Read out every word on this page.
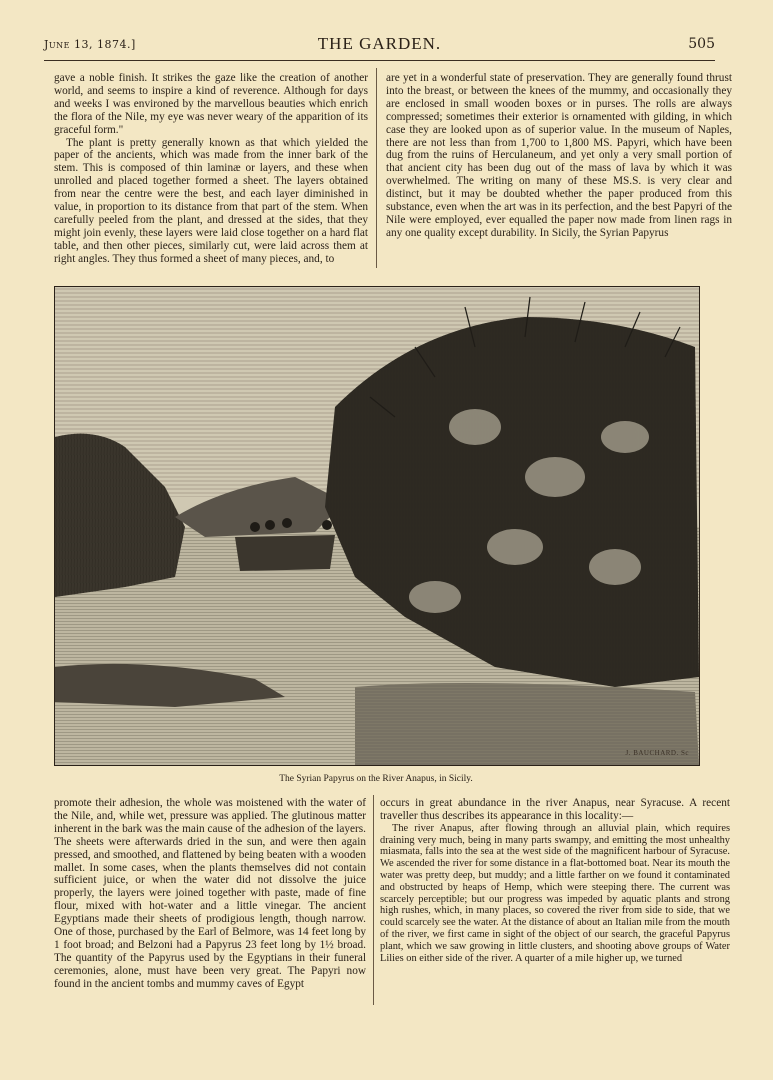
June 13, 1874.]	THE GARDEN.	505

gave a noble finish. It strikes the gaze like the creation of another world, and seems to inspire a kind of reverence. Although for days and weeks I was environed by the marvellous beauties which enrich the flora of the Nile, my eye was never weary of the apparition of its graceful form."

The plant is pretty generally known as that which yielded the paper of the ancients, which was made from the inner bark of the stem. This is composed of thin laminæ or layers, and these when unrolled and placed together formed a sheet. The layers obtained from near the centre were the best, and each layer diminished in value, in proportion to its distance from that part of the stem. When carefully peeled from the plant, and dressed at the sides, that they might join evenly, these layers were laid close together on a hard flat table, and then other pieces, similarly cut, were laid across them at right angles. They thus formed a sheet of many pieces, and, to

are yet in a wonderful state of preservation. They are generally found thrust into the breast, or between the knees of the mummy, and occasionally they are enclosed in small wooden boxes or in purses. The rolls are always compressed; sometimes their exterior is ornamented with gilding, in which case they are looked upon as of superior value. In the museum of Naples, there are not less than from 1,700 to 1,800 MS. Papyri, which have been dug from the ruins of Herculaneum, and yet only a very small portion of that ancient city has been dug out of the mass of lava by which it was overwhelmed. The writing on many of these MS.S. is very clear and distinct, but it may be doubted whether the paper produced from this substance, even when the art was in its perfection, and the best Papyri of the Nile were employed, ever equalled the paper now made from linen rags in any one quality except durability. In Sicily, the Syrian Papyrus

J. BAUCHARD. Sc
The Syrian Papyrus on the River Anapus, in Sicily.

promote their adhesion, the whole was moistened with the water of the Nile, and, while wet, pressure was applied. The glutinous matter inherent in the bark was the main cause of the adhesion of the layers. The sheets were afterwards dried in the sun, and were then again pressed, and smoothed, and flattened by being beaten with a wooden mallet. In some cases, when the plants themselves did not contain sufficient juice, or when the water did not dissolve the juice properly, the layers were joined together with paste, made of fine flour, mixed with hot-water and a little vinegar. The ancient Egyptians made their sheets of prodigious length, though narrow. One of those, purchased by the Earl of Belmore, was 14 feet long by 1 foot broad; and Belzoni had a Papyrus 23 feet long by 1½ broad. The quantity of the Papyrus used by the Egyptians in their funeral ceremonies, alone, must have been very great. The Papyri now found in the ancient tombs and mummy caves of Egypt

occurs in great abundance in the river Anapus, near Syracuse. A recent traveller thus describes its appearance in this locality:—

The river Anapus, after flowing through an alluvial plain, which requires draining very much, being in many parts swampy, and emitting the most unhealthy miasmata, falls into the sea at the west side of the magnificent harbour of Syracuse. We ascended the river for some distance in a flat-bottomed boat. Near its mouth the water was pretty deep, but muddy; and a little farther on we found it contaminated and obstructed by heaps of Hemp, which were steeping there. The current was scarcely perceptible; but our progress was impeded by aquatic plants and strong high rushes, which, in many places, so covered the river from side to side, that we could scarcely see the water. At the distance of about an Italian mile from the mouth of the river, we first came in sight of the object of our search, the graceful Papyrus plant, which we saw growing in little clusters, and shooting above groups of Water Lilies on either side of the river. A quarter of a mile higher up, we turned
